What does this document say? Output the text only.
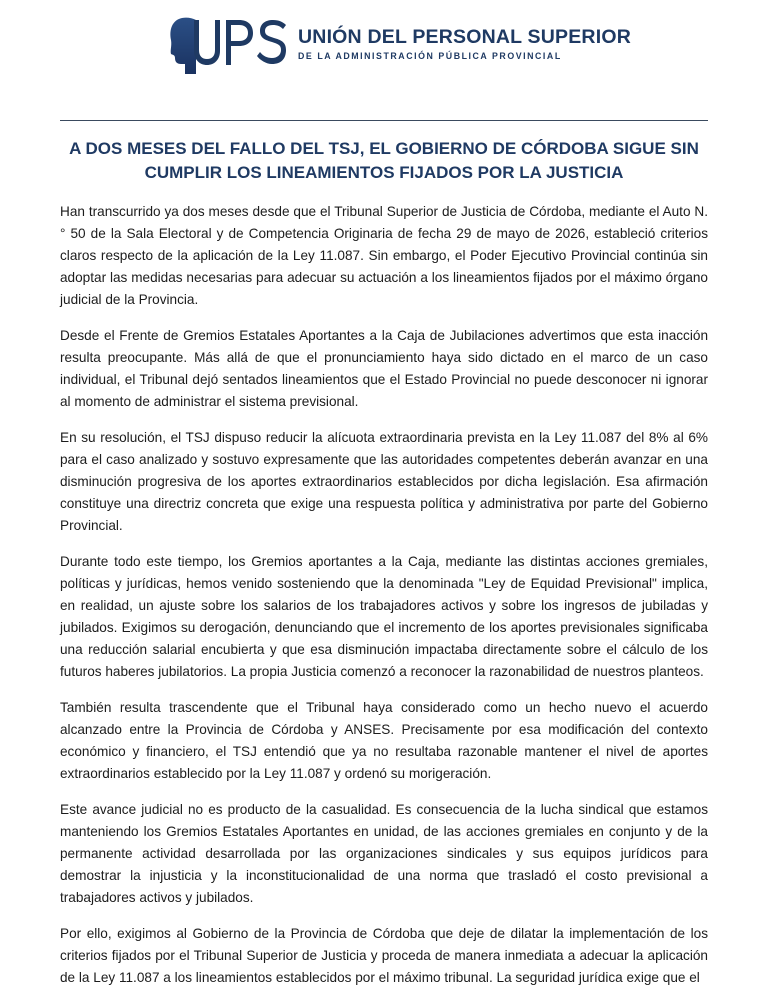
UNIÓN DEL PERSONAL SUPERIOR
DE LA ADMINISTRACIÓN PÚBLICA PROVINCIAL
A DOS MESES DEL FALLO DEL TSJ, EL GOBIERNO DE CÓRDOBA SIGUE SIN CUMPLIR LOS LINEAMIENTOS FIJADOS POR LA JUSTICIA

Han transcurrido ya dos meses desde que el Tribunal Superior de Justicia de Córdoba, mediante el Auto N.° 50 de la Sala Electoral y de Competencia Originaria de fecha 29 de mayo de 2026, estableció criterios claros respecto de la aplicación de la Ley 11.087. Sin embargo, el Poder Ejecutivo Provincial continúa sin adoptar las medidas necesarias para adecuar su actuación a los lineamientos fijados por el máximo órgano judicial de la Provincia.

Desde el Frente de Gremios Estatales Aportantes a la Caja de Jubilaciones advertimos que esta inacción resulta preocupante. Más allá de que el pronunciamiento haya sido dictado en el marco de un caso individual, el Tribunal dejó sentados lineamientos que el Estado Provincial no puede desconocer ni ignorar al momento de administrar el sistema previsional.

En su resolución, el TSJ dispuso reducir la alícuota extraordinaria prevista en la Ley 11.087 del 8% al 6% para el caso analizado y sostuvo expresamente que las autoridades competentes deberán avanzar en una disminución progresiva de los aportes extraordinarios establecidos por dicha legislación. Esa afirmación constituye una directriz concreta que exige una respuesta política y administrativa por parte del Gobierno Provincial.

Durante todo este tiempo, los Gremios aportantes a la Caja, mediante las distintas acciones gremiales, políticas y jurídicas, hemos venido sosteniendo que la denominada "Ley de Equidad Previsional" implica, en realidad, un ajuste sobre los salarios de los trabajadores activos y sobre los ingresos de jubiladas y jubilados. Exigimos su derogación, denunciando que el incremento de los aportes previsionales significaba una reducción salarial encubierta y que esa disminución impactaba directamente sobre el cálculo de los futuros haberes jubilatorios. La propia Justicia comenzó a reconocer la razonabilidad de nuestros planteos.

También resulta trascendente que el Tribunal haya considerado como un hecho nuevo el acuerdo alcanzado entre la Provincia de Córdoba y ANSES. Precisamente por esa modificación del contexto económico y financiero, el TSJ entendió que ya no resultaba razonable mantener el nivel de aportes extraordinarios establecido por la Ley 11.087 y ordenó su morigeración.

Este avance judicial no es producto de la casualidad. Es consecuencia de la lucha sindical que estamos manteniendo los Gremios Estatales Aportantes en unidad, de las acciones gremiales en conjunto y de la permanente actividad desarrollada por las organizaciones sindicales y sus equipos jurídicos para demostrar la injusticia y la inconstitucionalidad de una norma que trasladó el costo previsional a trabajadores activos y jubilados.

Por ello, exigimos al Gobierno de la Provincia de Córdoba que deje de dilatar la implementación de los criterios fijados por el Tribunal Superior de Justicia y proceda de manera inmediata a adecuar la aplicación de la Ley 11.087 a los lineamientos establecidos por el máximo tribunal. La seguridad jurídica exige que el
